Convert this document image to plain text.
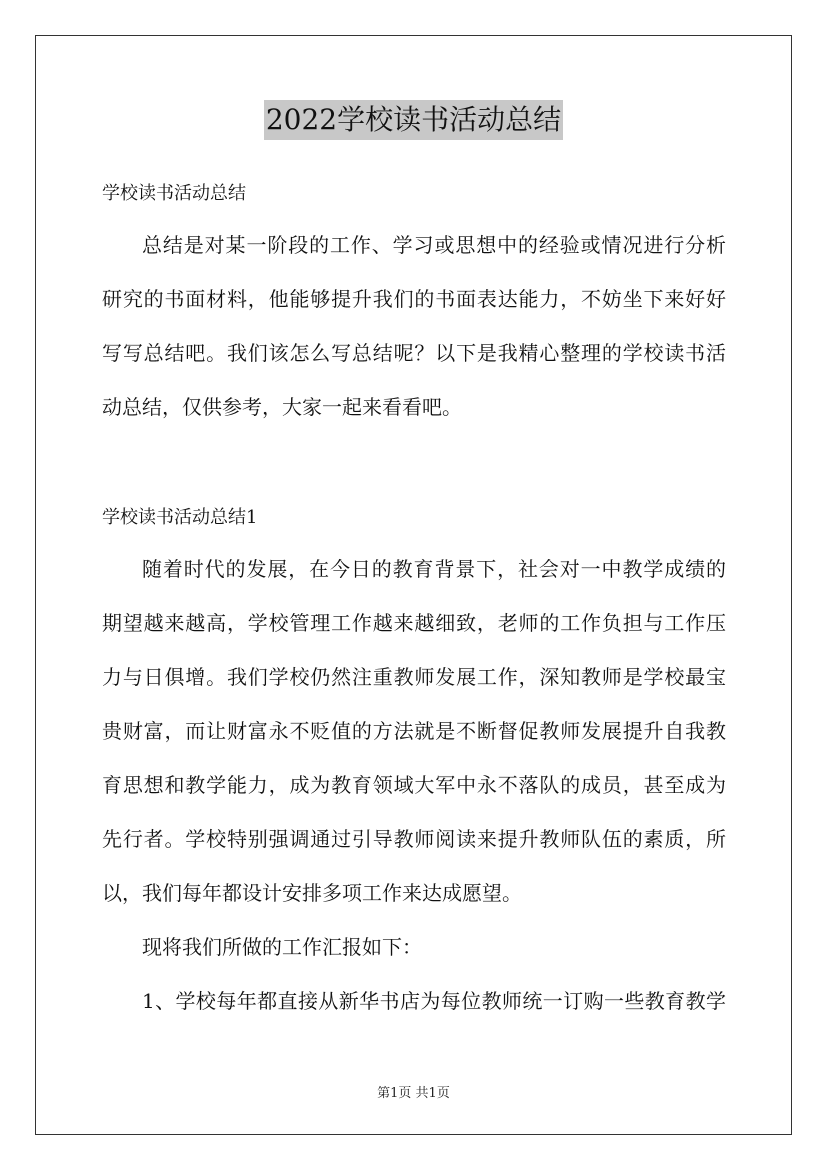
2022学校读书活动总结
学校读书活动总结
总结是对某一阶段的工作、学习或思想中的经验或情况进行分析
研究的书面材料，他能够提升我们的书面表达能力，不妨坐下来好好
写写总结吧。我们该怎么写总结呢？以下是我精心整理的学校读书活
动总结，仅供参考，大家一起来看看吧。
学校读书活动总结1
随着时代的发展，在今日的教育背景下，社会对一中教学成绩的
期望越来越高，学校管理工作越来越细致，老师的工作负担与工作压
力与日俱增。我们学校仍然注重教师发展工作，深知教师是学校最宝
贵财富，而让财富永不贬值的方法就是不断督促教师发展提升自我教
育思想和教学能力，成为教育领域大军中永不落队的成员，甚至成为
先行者。学校特别强调通过引导教师阅读来提升教师队伍的素质，所
以，我们每年都设计安排多项工作来达成愿望。
现将我们所做的工作汇报如下：
1、学校每年都直接从新华书店为每位教师统一订购一些教育教学
第1页 共1页
